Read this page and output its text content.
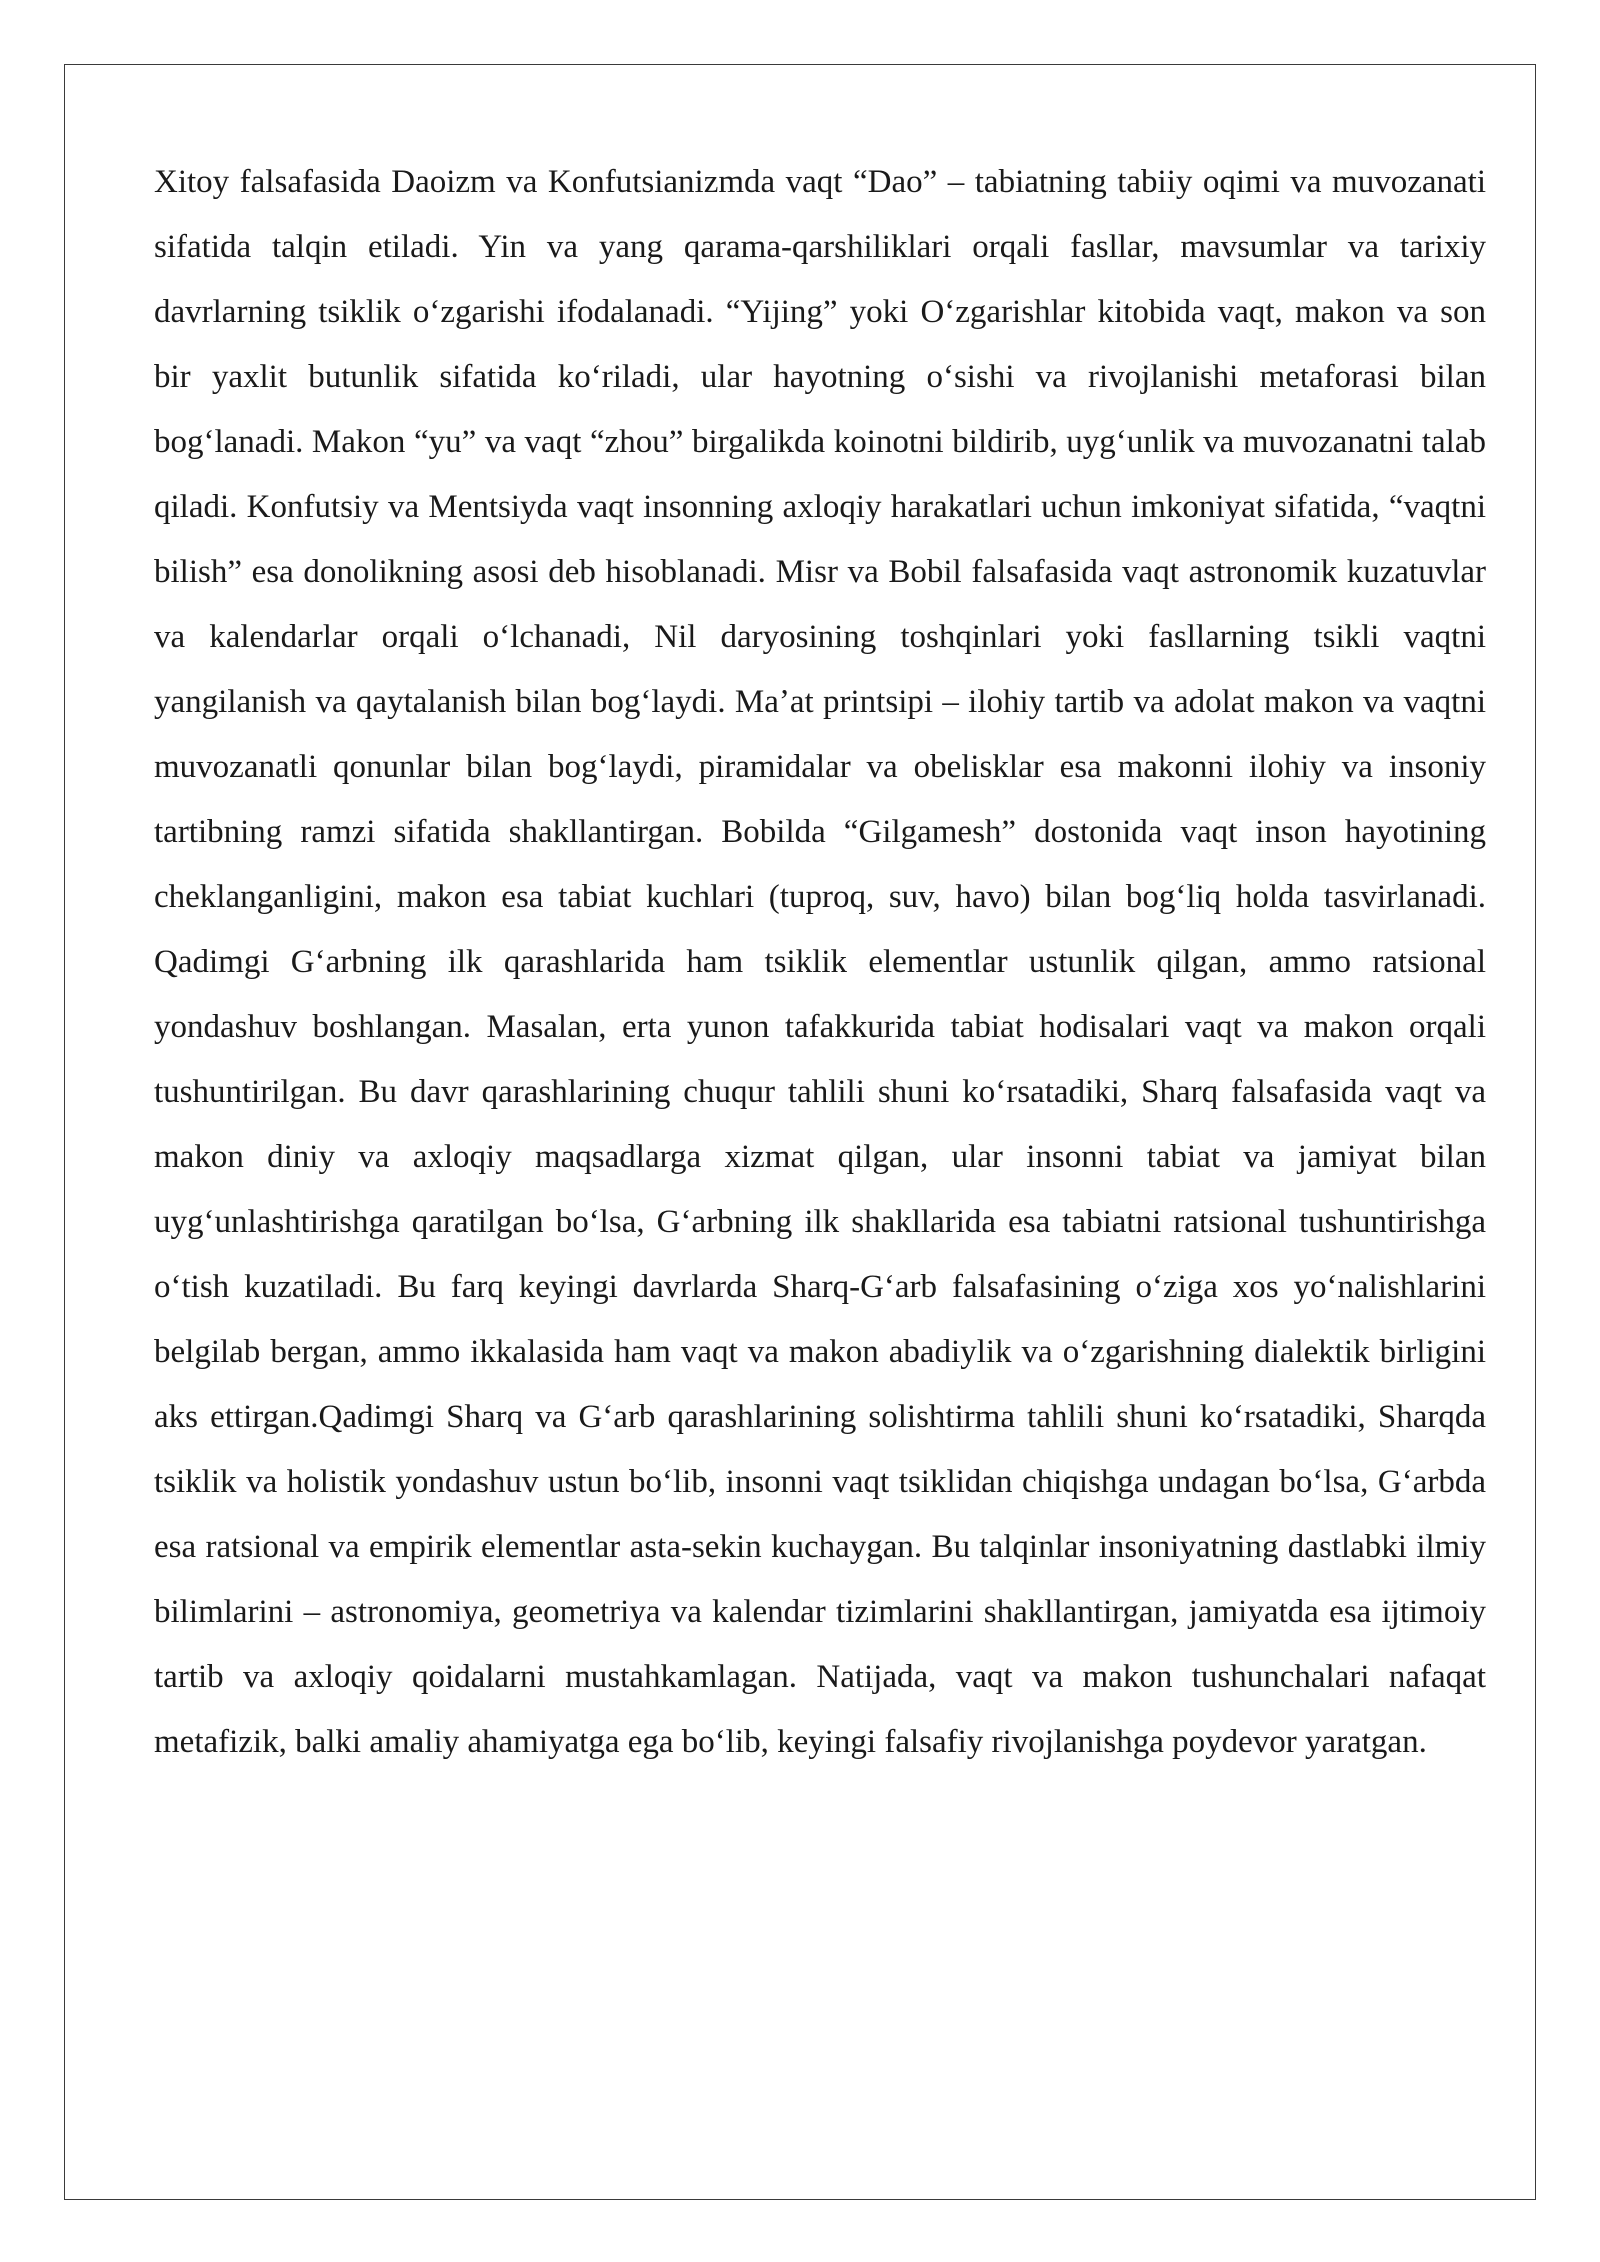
Xitoy falsafasida Daoizm va Konfutsianizmda vaqt “Dao” – tabiatning tabiiy oqimi va muvozanati sifatida talqin etiladi. Yin va yang qarama-qarshiliklari orqali fasllar, mavsumlar va tarixiy davrlarning tsiklik oʻzgarishi ifodalanadi. “Yijing” yoki Oʻzgarishlar kitobida vaqt, makon va son bir yaxlit butunlik sifatida koʻriladi, ular hayotning oʻsishi va rivojlanishi metaforasi bilan bogʻlanadi. Makon “yu” va vaqt “zhou” birgalikda koinotni bildirib, uygʻunlik va muvozanatni talab qiladi. Konfutsiy va Mentsiyda vaqt insonning axloqiy harakatlari uchun imkoniyat sifatida, “vaqtni bilish” esa donolikning asosi deb hisoblanadi. Misr va Bobil falsafasida vaqt astronomik kuzatuvlar va kalendarlar orqali oʻlchanadi, Nil daryosining toshqinlari yoki fasllarning tsikli vaqtni yangilanish va qaytalanish bilan bogʻlaydi. Maʼat printsipi – ilohiy tartib va adolat makon va vaqtni muvozanatli qonunlar bilan bogʻlaydi, piramidalar va obelisklar esa makonni ilohiy va insoniy tartibning ramzi sifatida shakllantirgan. Bobilda “Gilgamesh” dostonida vaqt inson hayotining cheklanganligini, makon esa tabiat kuchlari (tuproq, suv, havo) bilan bogʻliq holda tasvirlanadi. Qadimgi Gʻarbning ilk qarashlarida ham tsiklik elementlar ustunlik qilgan, ammo ratsional yondashuv boshlangan. Masalan, erta yunon tafakkurida tabiat hodisalari vaqt va makon orqali tushuntirilgan. Bu davr qarashlarining chuqur tahlili shuni koʻrsatadiki, Sharq falsafasida vaqt va makon diniy va axloqiy maqsadlarga xizmat qilgan, ular insonni tabiat va jamiyat bilan uygʻunlashtirishga qaratilgan boʻlsa, Gʻarbning ilk shakllarida esa tabiatni ratsional tushuntirishga oʻtish kuzatiladi. Bu farq keyingi davrlarda Sharq-Gʻarb falsafasining oʻziga xos yoʻnalishlarini belgilab bergan, ammo ikkalasida ham vaqt va makon abadiylik va oʻzgarishning dialektik birligini aks ettirgan.Qadimgi Sharq va Gʻarb qarashlarining solishtirma tahlili shuni koʻrsatadiki, Sharqda tsiklik va holistik yondashuv ustun boʻlib, insonni vaqt tsiklidan chiqishga undagan boʻlsa, Gʻarbda esa ratsional va empirik elementlar asta-sekin kuchaygan. Bu talqinlar insoniyatning dastlabki ilmiy bilimlarini – astronomiya, geometriya va kalendar tizimlarini shakllantirgan, jamiyatda esa ijtimoiy tartib va axloqiy qoidalarni mustahkamlagan. Natijada, vaqt va makon tushunchalari nafaqat metafizik, balki amaliy ahamiyatga ega boʻlib, keyingi falsafiy rivojlanishga poydevor yaratgan.
